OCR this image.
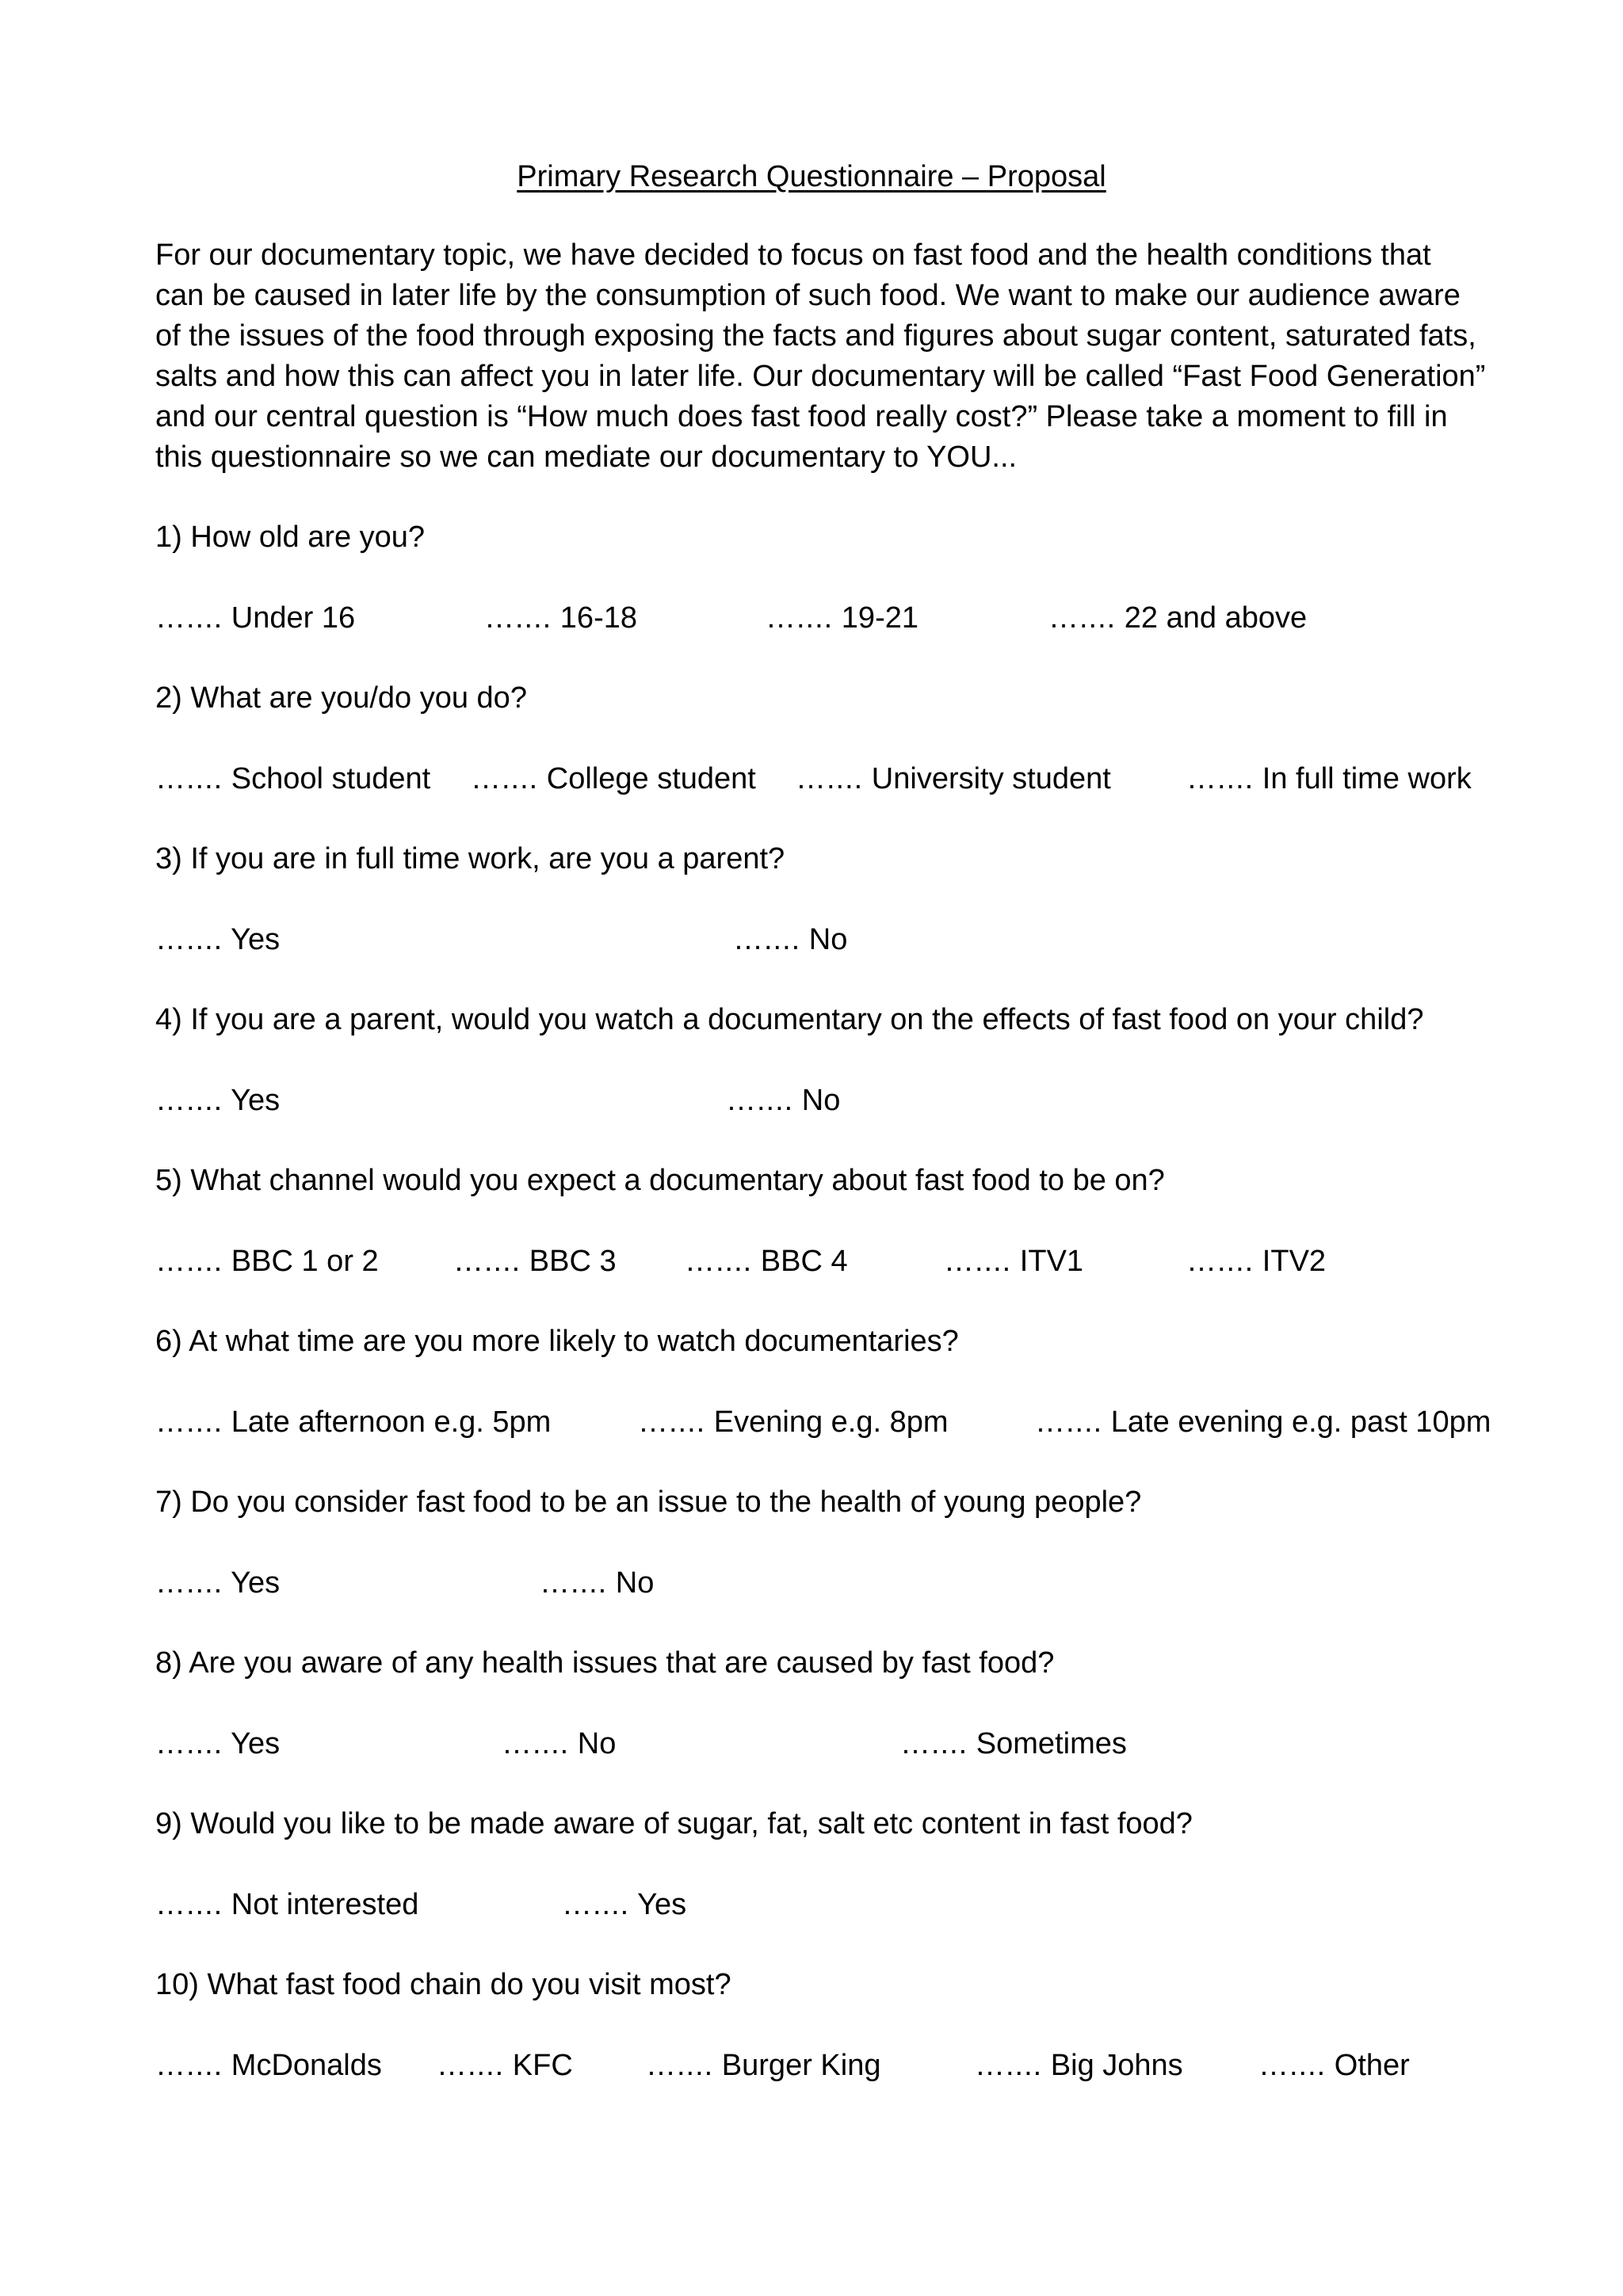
Primary Research Questionnaire – Proposal

For our documentary topic, we have decided to focus on fast food and the health conditions that can be caused in later life by the consumption of such food. We want to make our audience aware of the issues of the food through exposing the facts and figures about sugar content, saturated fats, salts and how this can affect you in later life. Our documentary will be called “Fast Food Generation” and our central question is “How much does fast food really cost?” Please take a moment to fill in this questionnaire so we can mediate our documentary to YOU...

1) How old are you?
….... Under 16	….... 16-18	….... 19-21	….... 22 and above
2) What are you/do you do?
….... School student ….... College student ….... University student	….... In full time work
3) If you are in full time work, are you a parent?
….... Yes	….... No
4) If you are a parent, would you watch a documentary on the effects of fast food on your child?
….... Yes	….... No
5) What channel would you expect a documentary about fast food to be on?
….... BBC 1 or 2 ….... BBC 3 ….... BBC 4	….... ITV1	….... ITV2
6) At what time are you more likely to watch documentaries?
….... Late afternoon e.g. 5pm	….... Evening e.g. 8pm	….... Late evening e.g. past 10pm
7) Do you consider fast food to be an issue to the health of young people?
….... Yes	….... No
8) Are you aware of any health issues that are caused by fast food?
….... Yes	….... No	….... Sometimes
9) Would you like to be made aware of sugar, fat, salt etc content in fast food?
….... Not interested	….... Yes
10) What fast food chain do you visit most?
….... McDonalds ….... KFC ….... Burger King	….... Big Johns	….... Other
